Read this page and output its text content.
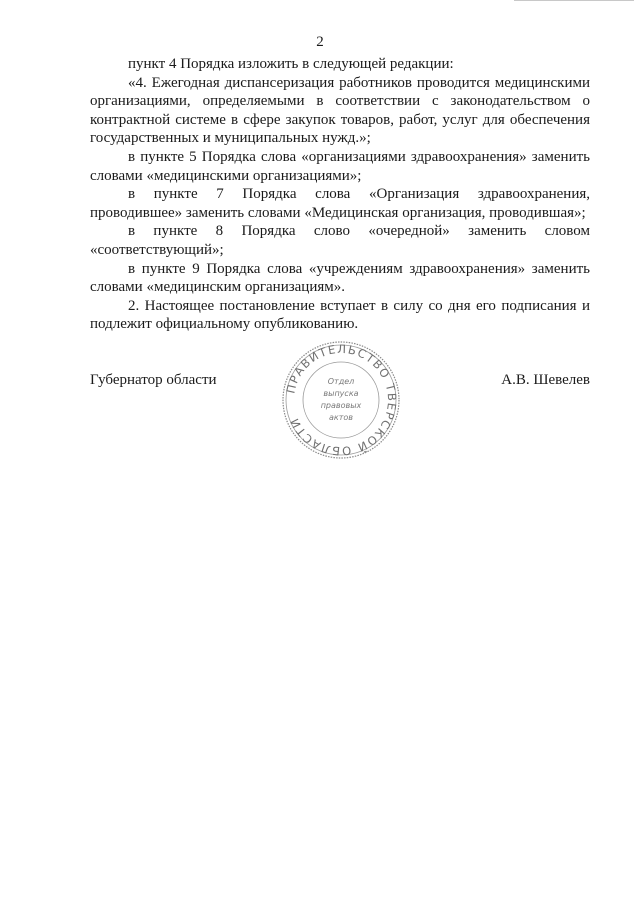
2

пункт 4 Порядка изложить в следующей редакции:

«4. Ежегодная диспансеризация работников проводится медицинскими организациями, определяемыми в соответствии с законодательством о контрактной системе в сфере закупок товаров, работ, услуг для обеспечения государственных и муниципальных нужд.»;

в пункте 5 Порядка слова «организациями здравоохранения» заменить словами «медицинскими организациями»;

в пункте 7 Порядка слова «Организация здравоохранения, проводившее» заменить словами «Медицинская организация, проводившая»;

в пункте 8 Порядка слово «очередной» заменить словом «соответствующий»;

в пункте 9 Порядка слова «учреждениям здравоохранения» заменить словами «медицинским организациям».

2. Настоящее постановление вступает в силу со дня его подписания и подлежит официальному опубликованию.

Губернатор области	А.В. Шевелев
ПРАВИТЕЛЬСТВО ТВЕРСКОЙ ОБЛАСТИ
Отдел
выпуска
правовых
актов
